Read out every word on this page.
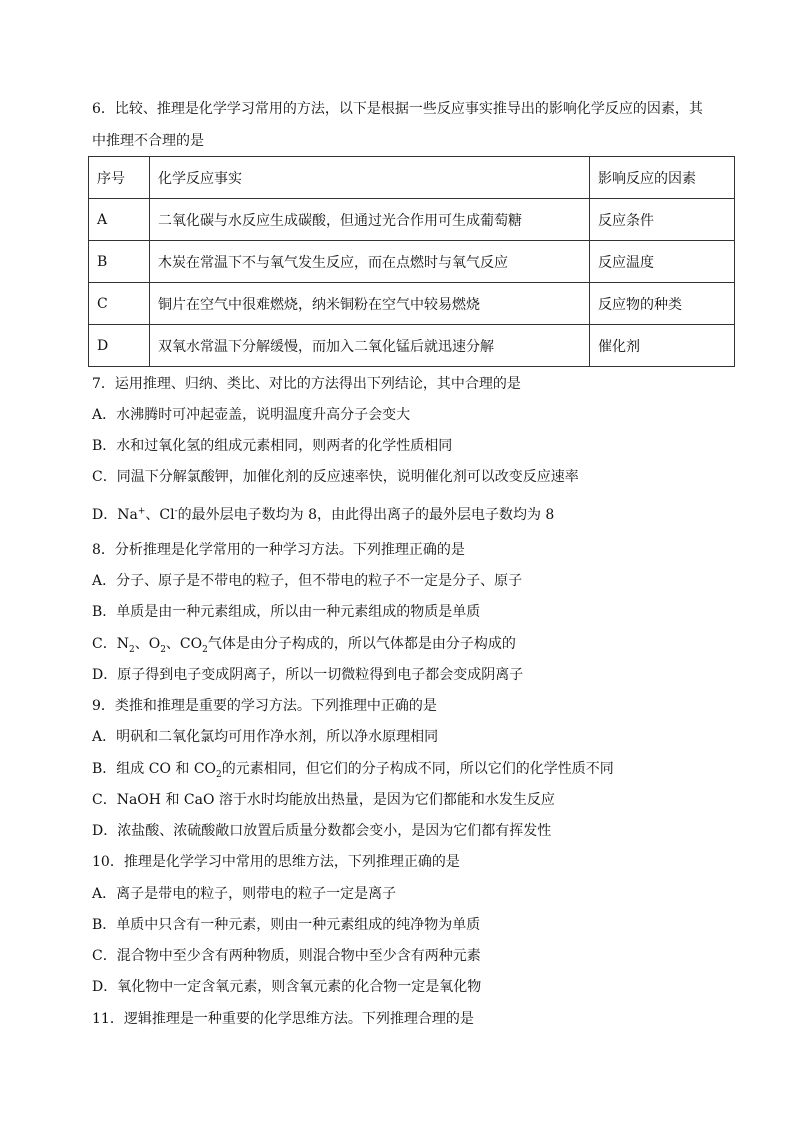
6．比较、推理是化学学习常用的方法，以下是根据一些反应事实推导出的影响化学反应的因素，其
中推理不合理的是
序号	化学反应事实	影响反应的因素
A	二氧化碳与水反应生成碳酸，但通过光合作用可生成葡萄糖	反应条件
B	木炭在常温下不与氧气发生反应，而在点燃时与氧气反应	反应温度
C	铜片在空气中很难燃烧，纳米铜粉在空气中较易燃烧	反应物的种类
D	双氧水常温下分解缓慢，而加入二氧化锰后就迅速分解	催化剂
7．运用推理、归纳、类比、对比的方法得出下列结论，其中合理的是
A．水沸腾时可冲起壶盖，说明温度升高分子会变大
B．水和过氧化氢的组成元素相同，则两者的化学性质相同
C．同温下分解氯酸钾，加催化剂的反应速率快，说明催化剂可以改变反应速率
D．Na+、Cl-的最外层电子数均为 8，由此得出离子的最外层电子数均为 8
8．分析推理是化学常用的一种学习方法。下列推理正确的是
A．分子、原子是不带电的粒子，但不带电的粒子不一定是分子、原子
B．单质是由一种元素组成，所以由一种元素组成的物质是单质
C．$N_2$、$O_2$、$CO_2$气体是由分子构成的，所以气体都是由分子构成的
D．原子得到电子变成阴离子，所以一切微粒得到电子都会变成阴离子
9．类推和推理是重要的学习方法。下列推理中正确的是
A．明矾和二氧化氯均可用作净水剂，所以净水原理相同
B．组成 CO 和 $CO_2$的元素相同，但它们的分子构成不同，所以它们的化学性质不同
C．NaOH 和 CaO 溶于水时均能放出热量，是因为它们都能和水发生反应
D．浓盐酸、浓硫酸敞口放置后质量分数都会变小，是因为它们都有挥发性
10．推理是化学学习中常用的思维方法，下列推理正确的是
A．离子是带电的粒子，则带电的粒子一定是离子
B．单质中只含有一种元素，则由一种元素组成的纯净物为单质
C．混合物中至少含有两种物质，则混合物中至少含有两种元素
D．氧化物中一定含氧元素，则含氧元素的化合物一定是氧化物
11．逻辑推理是一种重要的化学思维方法。下列推理合理的是
